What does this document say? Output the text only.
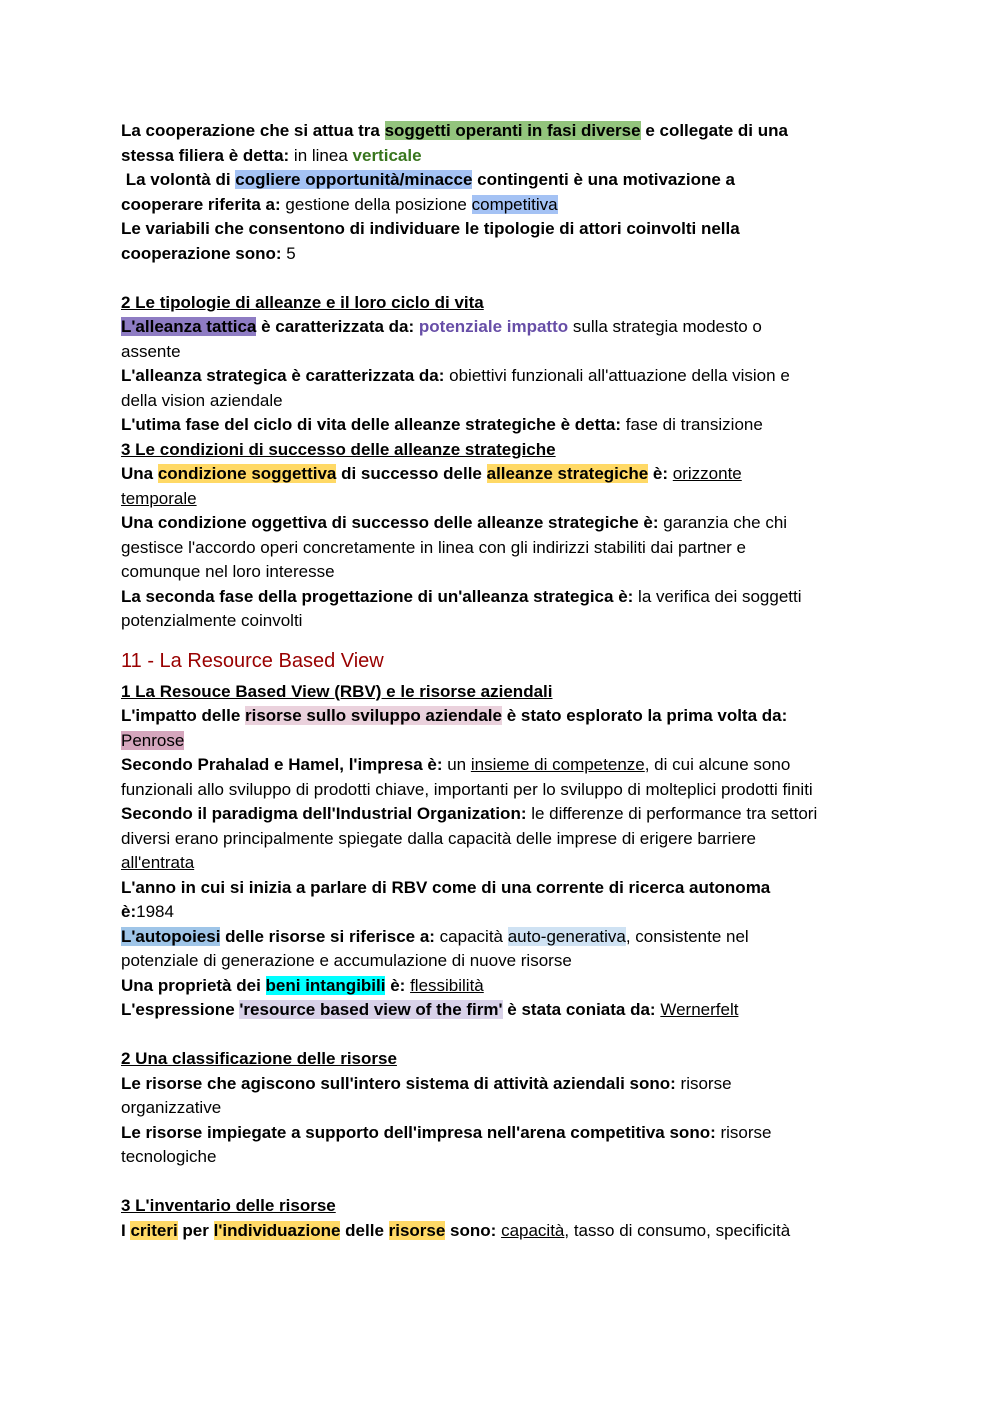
La cooperazione che si attua tra soggetti operanti in fasi diverse e collegate di una
stessa filiera è detta: in linea verticale
La volontà di cogliere opportunità/minacce contingenti è una motivazione a
cooperare riferita a: gestione della posizione competitiva
Le variabili che consentono di individuare le tipologie di attori coinvolti nella
cooperazione sono: 5
2 Le tipologie di alleanze e il loro ciclo di vita
L'alleanza tattica è caratterizzata da: potenziale impatto sulla strategia modesto o
assente
L'alleanza strategica è caratterizzata da: obiettivi funzionali all'attuazione della vision e
della vision aziendale
L'utima fase del ciclo di vita delle alleanze strategiche è detta: fase di transizione
3 Le condizioni di successo delle alleanze strategiche
Una condizione soggettiva di successo delle alleanze strategiche è: orizzonte
temporale
Una condizione oggettiva di successo delle alleanze strategiche è: garanzia che chi
gestisce l'accordo operi concretamente in linea con gli indirizzi stabiliti dai partner e
comunque nel loro interesse
La seconda fase della progettazione di un'alleanza strategica è: la verifica dei soggetti
potenzialmente coinvolti
11 - La Resource Based View
1 La Resouce Based View (RBV) e le risorse aziendali
L'impatto delle risorse sullo sviluppo aziendale è stato esplorato la prima volta da:
Penrose
Secondo Prahalad e Hamel, l'impresa è: un insieme di competenze, di cui alcune sono
funzionali allo sviluppo di prodotti chiave, importanti per lo sviluppo di molteplici prodotti finiti
Secondo il paradigma dell'Industrial Organization: le differenze di performance tra settori
diversi erano principalmente spiegate dalla capacità delle imprese di erigere barriere
all'entrata
L'anno in cui si inizia a parlare di RBV come di una corrente di ricerca autonoma
è:1984
L'autopoiesi delle risorse si riferisce a: capacità auto-generativa, consistente nel
potenziale di generazione e accumulazione di nuove risorse
Una proprietà dei beni intangibili è: flessibilità
L'espressione 'resource based view of the firm' è stata coniata da: Wernerfelt
2 Una classificazione delle risorse
Le risorse che agiscono sull'intero sistema di attività aziendali sono: risorse
organizzative
Le risorse impiegate a supporto dell'impresa nell'arena competitiva sono: risorse
tecnologiche
3 L'inventario delle risorse
I criteri per l'individuazione delle risorse sono: capacità, tasso di consumo, specificità
